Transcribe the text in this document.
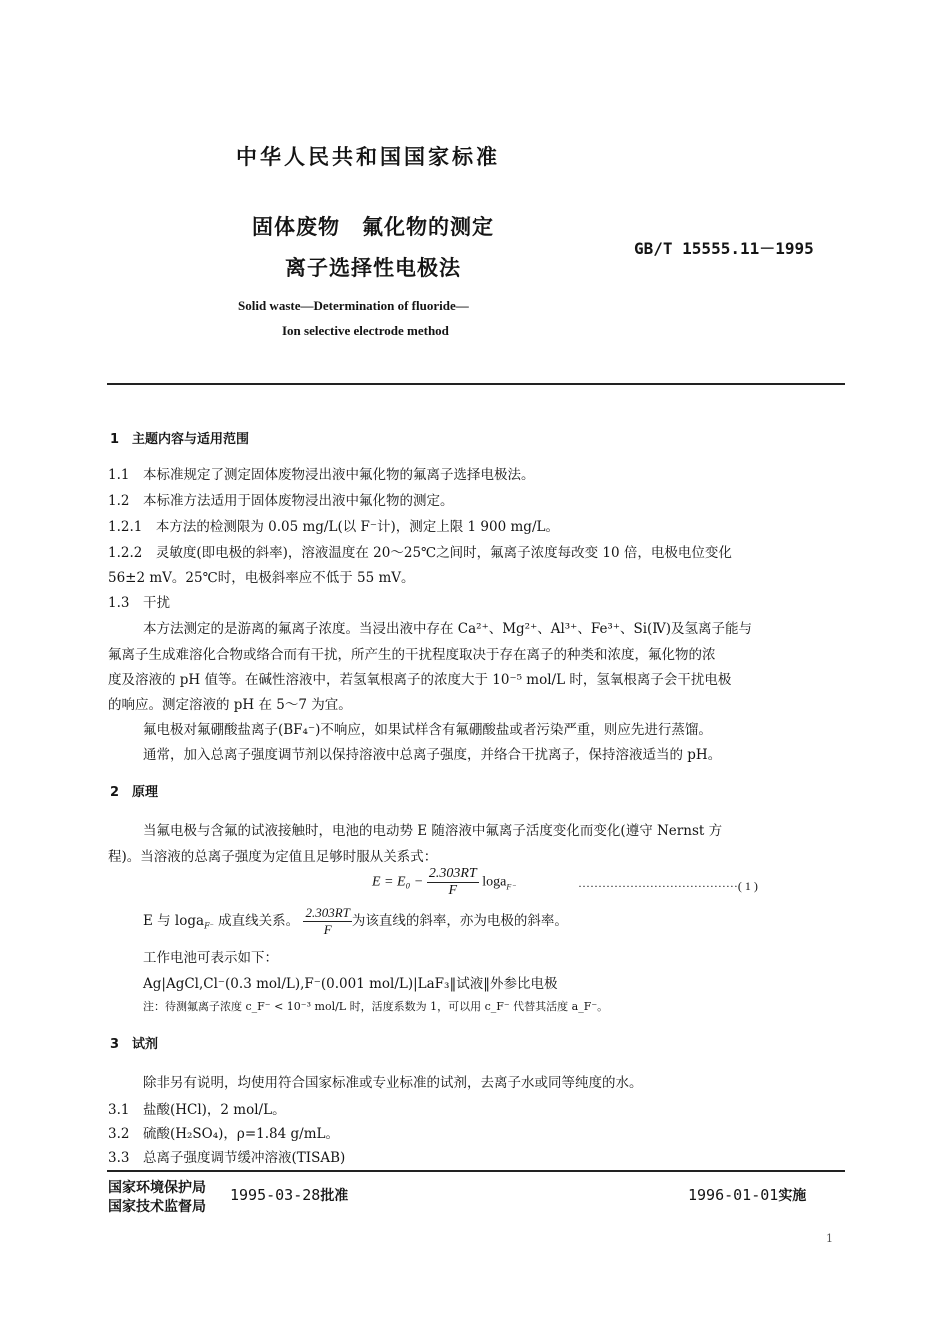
中华人民共和国国家标准
固体废物　氟化物的测定
离子选择性电极法
GB/T 15555.11－1995
Solid waste—Determination of fluoride—
Ion selective electrode method
1　主题内容与适用范围
1.1　本标准规定了测定固体废物浸出液中氟化物的氟离子选择电极法。
1.2　本标准方法适用于固体废物浸出液中氟化物的测定。
1.2.1　本方法的检测限为 0.05 mg/L(以 F⁻计)，测定上限 1 900 mg/L。
1.2.2　灵敏度(即电极的斜率)，溶液温度在 20～25℃之间时，氟离子浓度每改变 10 倍，电极电位变化
56±2 mV。25℃时，电极斜率应不低于 55 mV。
1.3　干扰
本方法测定的是游离的氟离子浓度。当浸出液中存在 Ca²⁺、Mg²⁺、Al³⁺、Fe³⁺、Si(Ⅳ)及氢离子能与
氟离子生成难溶化合物或络合而有干扰，所产生的干扰程度取决于存在离子的种类和浓度，氟化物的浓
度及溶液的 pH 值等。在碱性溶液中，若氢氧根离子的浓度大于 10⁻⁵ mol/L 时，氢氧根离子会干扰电极
的响应。测定溶液的 pH 在 5～7 为宜。
氟电极对氟硼酸盐离子(BF₄⁻)不响应，如果试样含有氟硼酸盐或者污染严重，则应先进行蒸馏。
通常，加入总离子强度调节剂以保持溶液中总离子强度，并络合干扰离子，保持溶液适当的 pH。
2　原理
当氟电极与含氟的试液接触时，电池的电动势 E 随溶液中氟离子活度变化而变化(遵守 Nernst 方
程)。当溶液的总离子强度为定值且足够时服从关系式：
$E = E_0 - \frac{2.303RT}{F} \log a_{F^-}$	········································( 1 )
E 与 loga$_{F^-}$ 成直线关系。 $\frac{2.303RT}{F}$ 为该直线的斜率，亦为电极的斜率。
工作电池可表示如下：
Ag|AgCl,Cl⁻(0.3 mol/L),F⁻(0.001 mol/L)|LaF₃‖试液‖外参比电极
注：待测氟离子浓度 c_F⁻ < 10⁻³ mol/L 时，活度系数为 1，可以用 c_F⁻ 代替其活度 a_F⁻。
3　试剂
除非另有说明，均使用符合国家标准或专业标准的试剂，去离子水或同等纯度的水。
3.1　盐酸(HCl)，2 mol/L。
3.2　硫酸(H₂SO₄)，ρ=1.84 g/mL。
3.3　总离子强度调节缓冲溶液(TISAB)
国家环境保护局
国家技术监督局
1995-03-28批准	1996-01-01实施
1
